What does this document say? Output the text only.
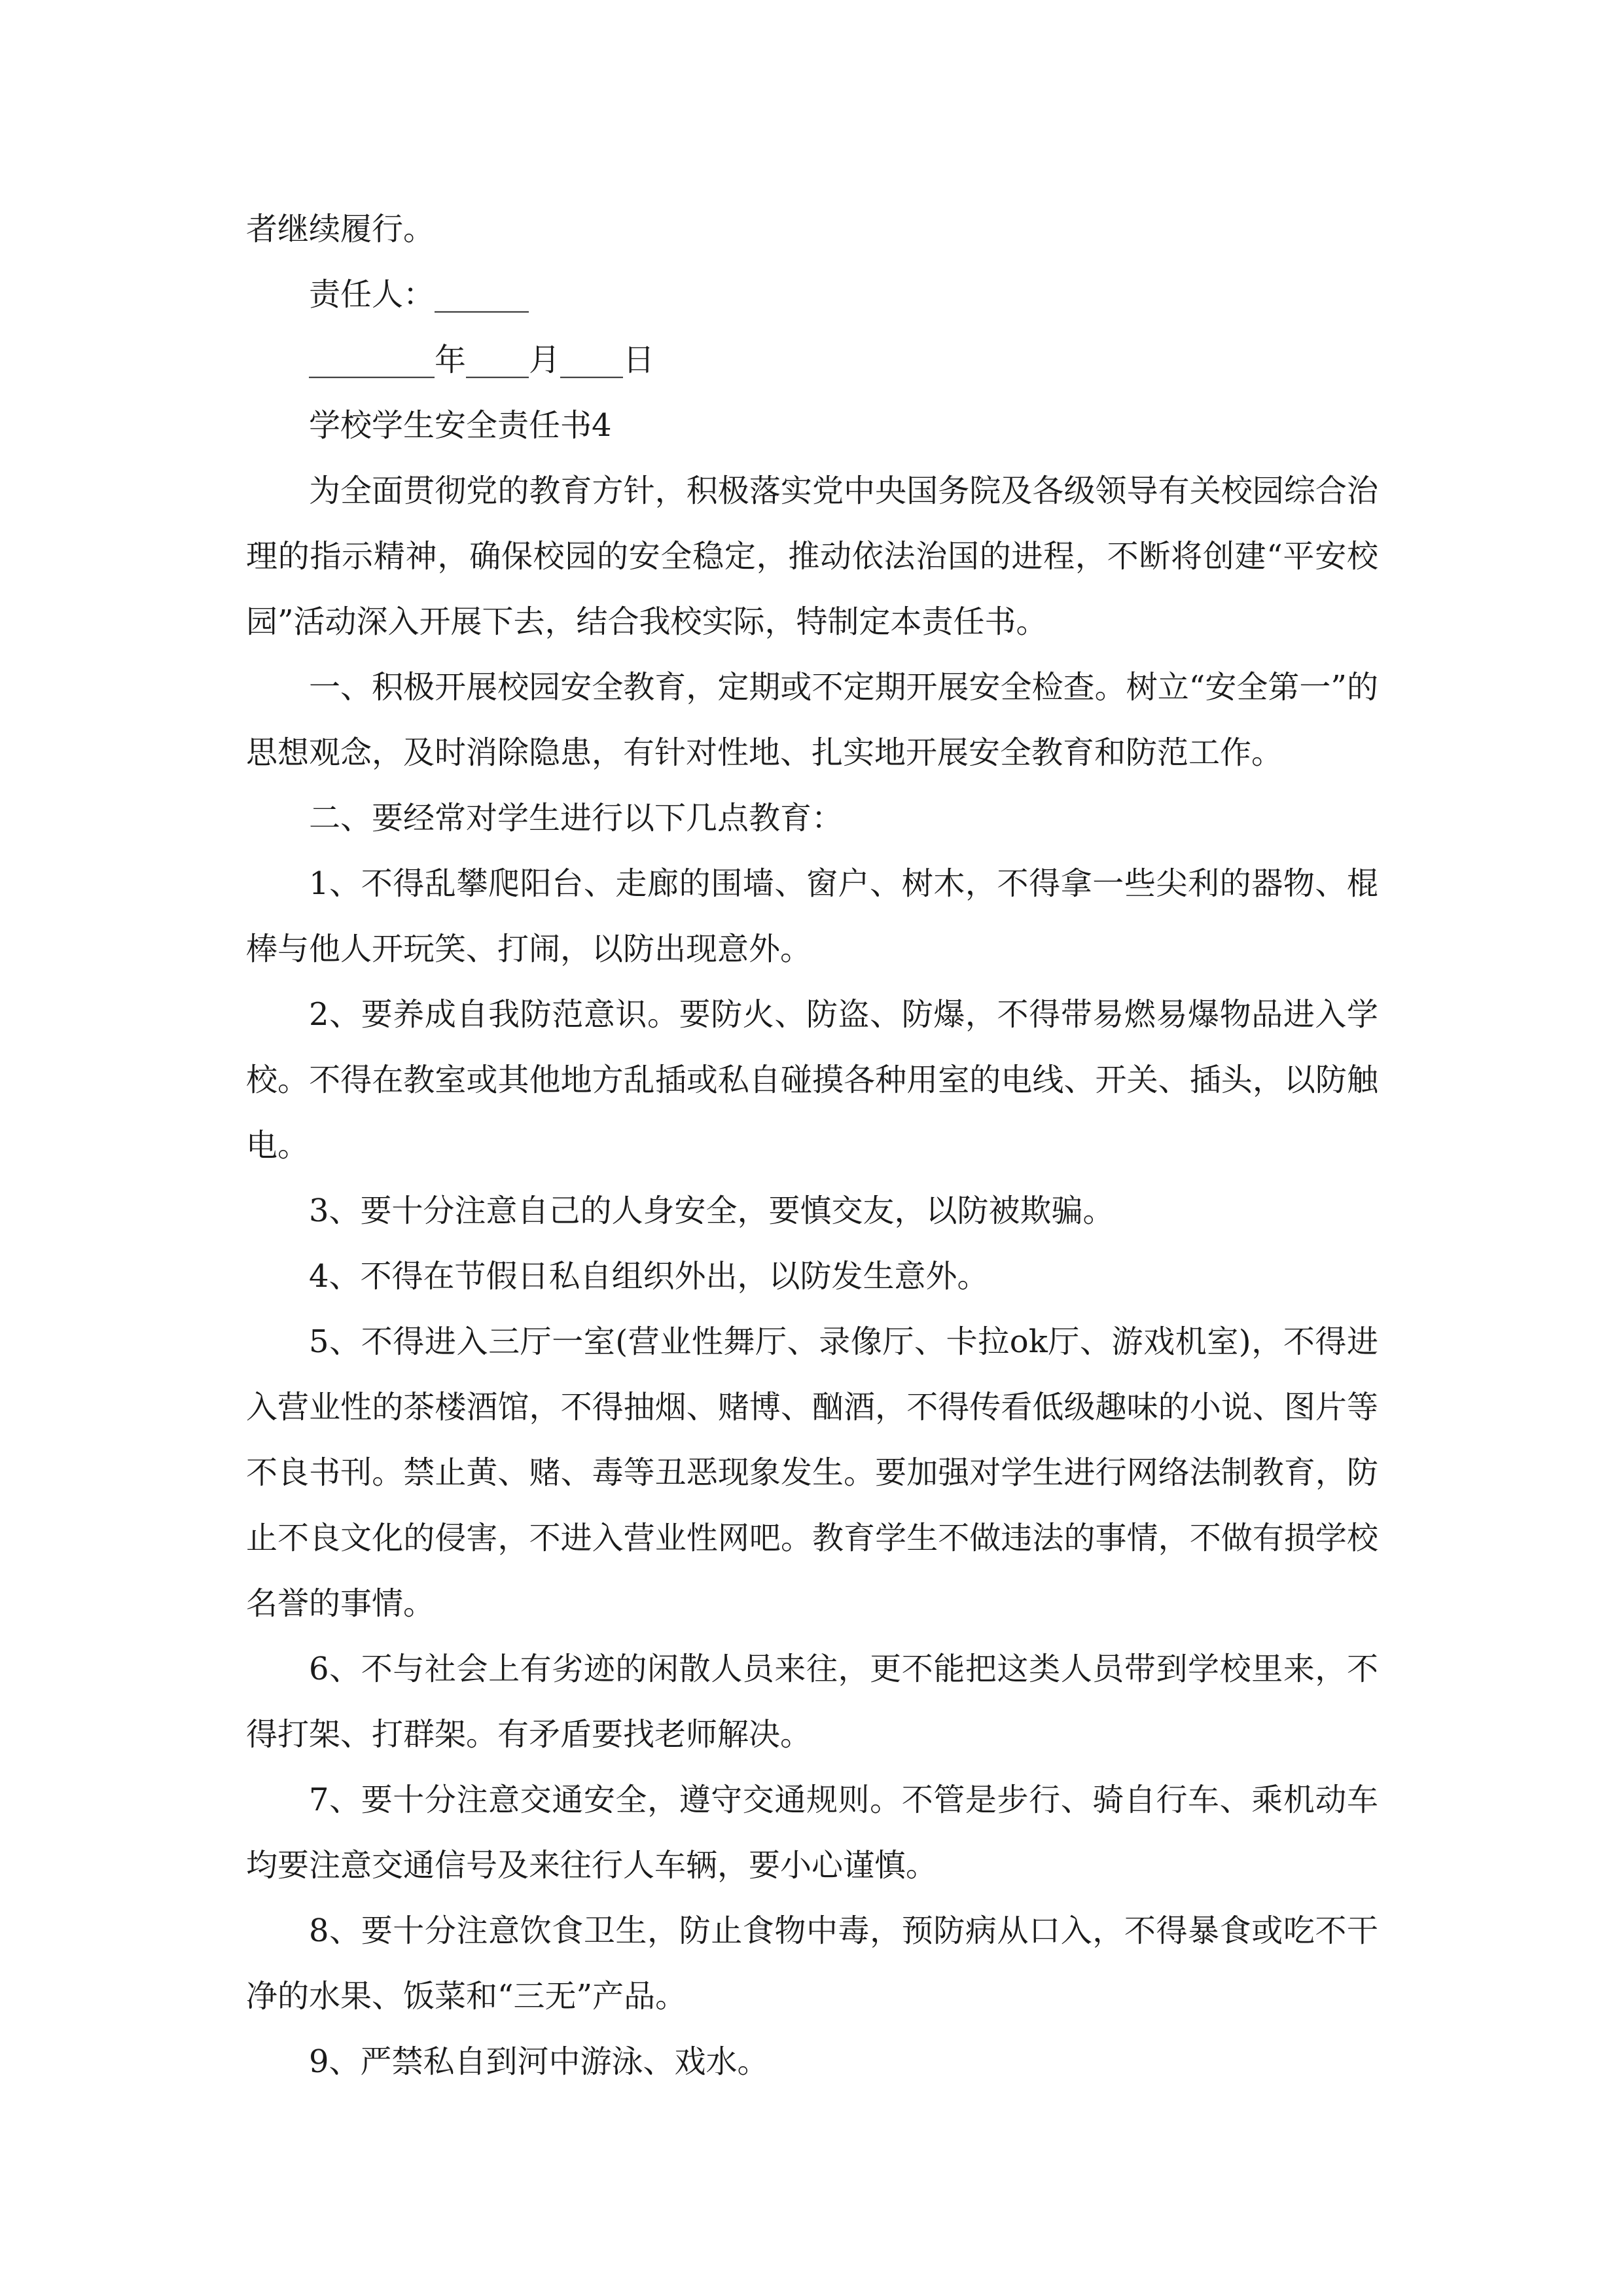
者继续履行。

责任人：______

________年____月____日

学校学生安全责任书4

为全面贯彻党的教育方针，积极落实党中央国务院及各级领导有关校园综合治理的指示精神，确保校园的安全稳定，推动依法治国的进程，不断将创建“平安校园”活动深入开展下去，结合我校实际，特制定本责任书。

一、积极开展校园安全教育，定期或不定期开展安全检查。树立“安全第一”的思想观念，及时消除隐患，有针对性地、扎实地开展安全教育和防范工作。

二、要经常对学生进行以下几点教育：

1、不得乱攀爬阳台、走廊的围墙、窗户、树木，不得拿一些尖利的器物、棍棒与他人开玩笑、打闹，以防出现意外。

2、要养成自我防范意识。要防火、防盗、防爆，不得带易燃易爆物品进入学校。不得在教室或其他地方乱插或私自碰摸各种用室的电线、开关、插头，以防触电。

3、要十分注意自己的人身安全，要慎交友，以防被欺骗。

4、不得在节假日私自组织外出，以防发生意外。

5、不得进入三厅一室(营业性舞厅、录像厅、卡拉ok厅、游戏机室)，不得进入营业性的茶楼酒馆，不得抽烟、赌博、酗酒，不得传看低级趣味的小说、图片等不良书刊。禁止黄、赌、毒等丑恶现象发生。要加强对学生进行网络法制教育，防止不良文化的侵害，不进入营业性网吧。教育学生不做违法的事情，不做有损学校名誉的事情。

6、不与社会上有劣迹的闲散人员来往，更不能把这类人员带到学校里来，不得打架、打群架。有矛盾要找老师解决。

7、要十分注意交通安全，遵守交通规则。不管是步行、骑自行车、乘机动车均要注意交通信号及来往行人车辆，要小心谨慎。

8、要十分注意饮食卫生，防止食物中毒，预防病从口入，不得暴食或吃不干净的水果、饭菜和“三无”产品。

9、严禁私自到河中游泳、戏水。
